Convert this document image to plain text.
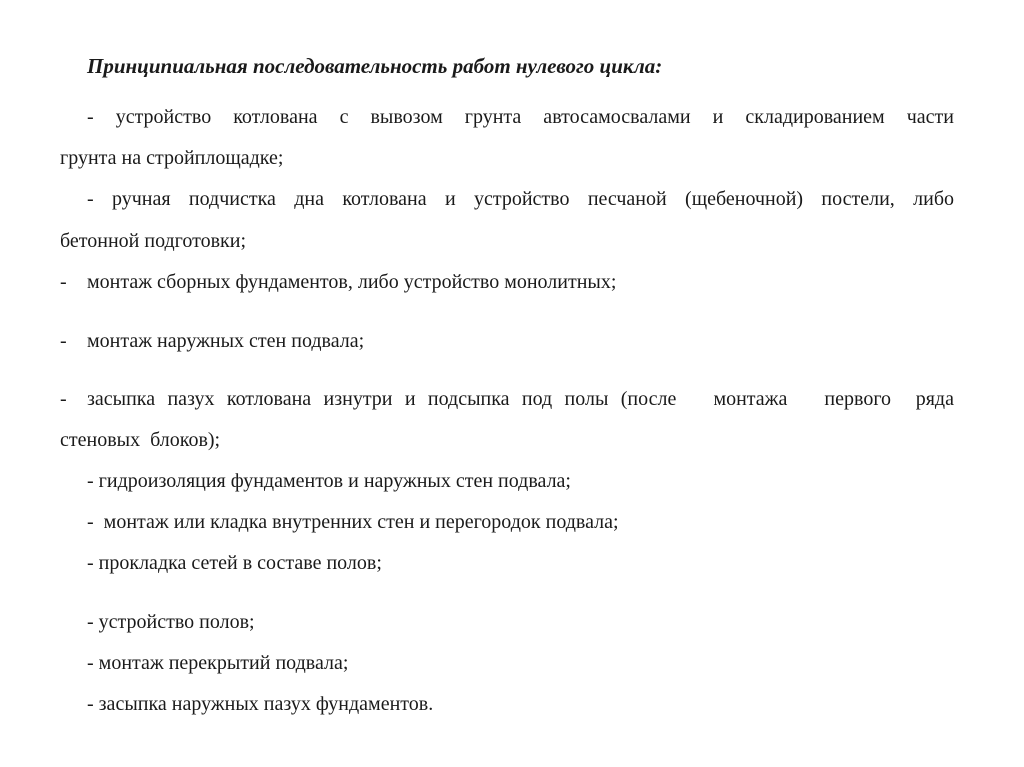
Принципиальная последовательность работ нулевого цикла:
- устройство котлована с вывозом грунта автосамосвалами и складированием части
грунта на стройплощадке;
- ручная подчистка дна котлована и устройство песчаной (щебеночной) постели, либо
бетонной подготовки;
- монтаж сборных фундаментов, либо устройство монолитных;
- монтаж наружных стен подвала;
- засыпка пазух котлована изнутри и подсыпка под полы (после   монтажа   первого  ряда
стеновых  блоков);
- гидроизоляция фундаментов и наружных стен подвала;
-  монтаж или кладка внутренних стен и перегородок подвала;
- прокладка сетей в составе полов;
- устройство полов;
- монтаж перекрытий подвала;
- засыпка наружных пазух фундаментов.
